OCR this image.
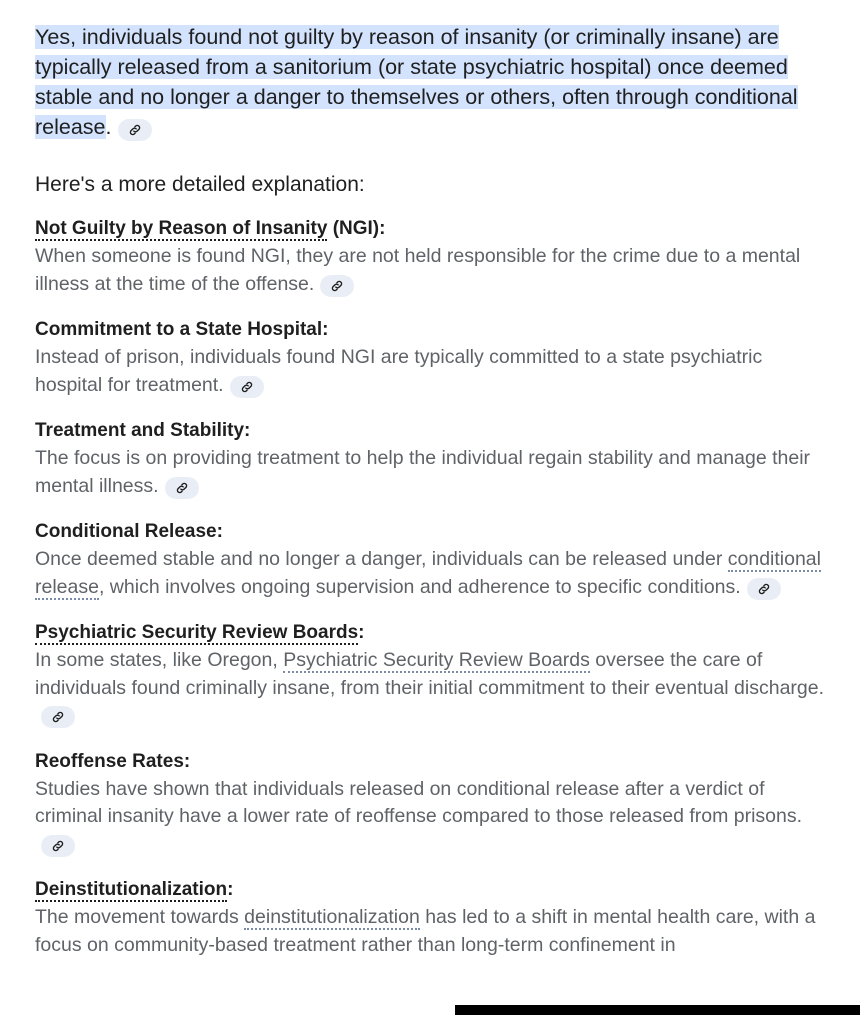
Yes, individuals found not guilty by reason of insanity (or criminally insane) are typically released from a sanitorium (or state psychiatric hospital) once deemed stable and no longer a danger to themselves or others, often through conditional release.

Here's a more detailed explanation:

Not Guilty by Reason of Insanity (NGI):

When someone is found NGI, they are not held responsible for the crime due to a mental illness at the time of the offense.

Commitment to a State Hospital:

Instead of prison, individuals found NGI are typically committed to a state psychiatric hospital for treatment.

Treatment and Stability:

The focus is on providing treatment to help the individual regain stability and manage their mental illness.

Conditional Release:

Once deemed stable and no longer a danger, individuals can be released under conditional release, which involves ongoing supervision and adherence to specific conditions.

Psychiatric Security Review Boards:

In some states, like Oregon, Psychiatric Security Review Boards oversee the care of individuals found criminally insane, from their initial commitment to their eventual discharge.

Reoffense Rates:

Studies have shown that individuals released on conditional release after a verdict of criminal insanity have a lower rate of reoffense compared to those released from prisons.

Deinstitutionalization:

The movement towards deinstitutionalization has led to a shift in mental health care, with a focus on community-based treatment rather than long-term confinement in
